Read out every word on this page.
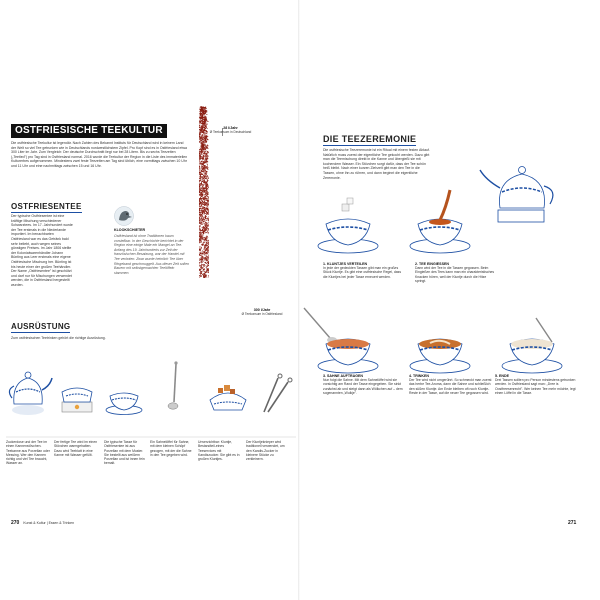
OSTFRIESISCHE TEEKULTUR
Die ostfriesische Teekultur ist legendär. Nach Zahlen des Bekannt Instituts für Deutschland wird in keinem Land der Welt so viel Tee getrunken wie in Deutschlands nordwestlichstem Zipfel. Pro Kopf sind es in Ostfriesland etwa 300 Liter im Jahr. Zum Vergleich: Der deutsche Durchschnitt liegt nur bei 28 Litern. Bis zu sechs Teezeiten („Teetied") pro Tag sind in Ostfriesland normal. 2016 wurde die Teekultur der Region in die Liste des immateriellen Kulturerbes aufgenommen. Mindestens zwei feste Teezeiten am Tag sind üblich, eine vormittags zwischen 10 Uhr und 11 Uhr und eine nachmittags zwischen 15 und 16 Uhr.
OSTFRIESENTEE
Der typische Ostfriesentee ist eine kräftige Mischung verschiedener Schwarztees. Im 17. Jahrhundert wurde der Tee erstmals in die Niederlande importiert. Im benachbarten Ostfriesland war es das Getränk bald sehr beliebt, auch wegen seines günstigen Preises. Im Jahr 1806 stellte der Kolonialwarenhändler Johann Bünting aus Leer erstmals eine eigene Ostfriesische Mischung her. Bünting ist bis heute einer der großen Teehändler. Der Name „Ostfriesentee" ist geschützt und darf nur für Mischungen verwendet werden, die in Ostfriesland hergestellt wurden.
KLOOKSCHIETER
Ostfriesland ist ohne Traditionen kaum vorstellbar. In der Geschichte berichtet in der Region eine einige Male ein Mangel an Tee. Anfang des 19. Jahrhunderts zur Zeit der französischen Besatzung, war der Handel mit Tee verboten. Zwar wurde heimlich Tee über Ringeband geschmuggelt. Aus dieser Zeit sollen Bauern mit selbstgemachten Teelöffeln stammen.
28 l/Jahr
Ø Teekonsum in Deutschland
300 l/Jahr
Ø Teekonsum in Ostfriesland
AUSRÜSTUNG
Zum ostfriesischen Teetrinken gehört die richtige Ausrüstung.
Zuckerdose und der Tee im einen Kannenstövchen. Teekanne aus Porzellan oder Messing. Wer den Kannen richtig und viel Tee braucht, Wasser an.
Der fertige Tee wird im einen Stövchen warmgehalten. Dazu wird Teeblatt in eine Kanne mit Wasser gefüllt.
Die typische Tasse für Ostfriesentee ist aus Porzellan mit dem Muster. Sie bestellt aus weißem Porzellan und ist innen fein bemalt.
Ein Sahnelöffel für Sahne, mit dem kleinen Schöpf gezogen, mit der die Sahne in den Tee gegeben wird.
Unverzichtbar: Kluntje, Bestandteil-eines Teeservices mit Kandiszucker. Sie gibt es in großen Kluntjes.
Der Kluntjeknieper wird traditionell verwendet, um den Kandis-Zucker in kleinere Stücke zu zerkleinern.
270 Kunst & Kultur | Essen & Trinken
DIE TEEZEREMONIE
Die ostfriesische Teezeremonie ist ein Ritual mit einem festen Ablauf. Natürlich muss zuerst der eigentliche Tee gekocht werden. Dazu gibt man die Teemischung direkt in die Kanne und übergießt sie mit kochendem Wasser. Ein Stövchen sorgt dafür, dass der Tee schön heiß bleibt. Nach einer kurzen Ziehzeit gibt man den Tee in die Tassen, ohne ihn zu rühren, und dann beginnt die eigentliche Zeremonie.
1. KLUNTJES VERTEILEN
In jede der gedeckten Tassen gibt man ein großes Stück Kluntje. Es gibt eine ostfriesische Regel, dass die Kluntjes bei jeder Tasse erneuert werden.
2. TEE EINGIESSEN
Dann wird der Tee in die Tassen gegossen. Beim Eingießen des Tees kann man ein charakteristisches Knacken hören, weil der Kluntje durch die Hitze springt.
3. SAHNE AUFTRAGEN
Nun folgt die Sahne. Mit dem Sahnelöffel wird sie vorsichtig am Rand der Tasse eingegeben. Sie sinkt zunächst ab und steigt dann als Wölkchen auf – dem sogenannten „Wulkje".
4. TRINKEN
Der Tee wird nicht umgerührt. So schmeckt man zuerst das herbe Tee-Aroma, dann die Sahne und schließlich den süßen Kluntje. Am Ende bleiben oft noch Kluntje-Reste in der Tasse, auf die neuer Tee gegossen wird.
5. ENDE
Drei Tassen sollten pro Person mindestens getrunken werden. In Ostfriesland sagt man: „Dree is Oostfreesenrecht". Wer keinen Tee mehr möchte, legt einen Löffel in die Tasse.
271
